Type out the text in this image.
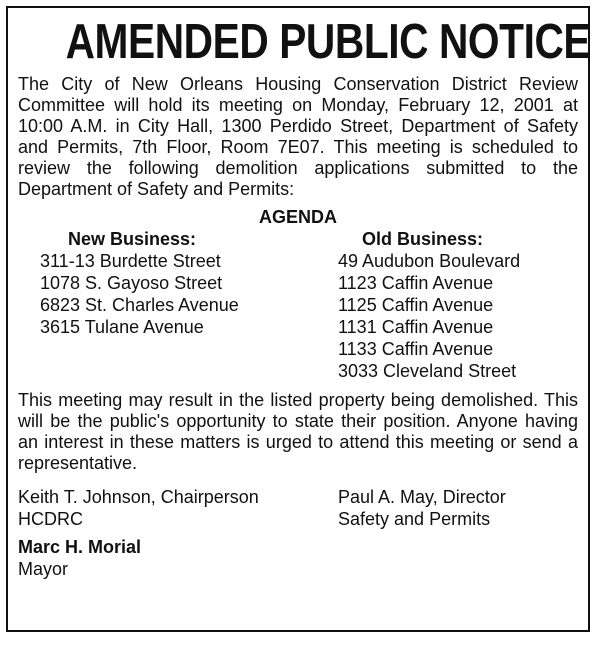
AMENDED PUBLIC NOTICE

The City of New Orleans Housing Conservation District Review Committee will hold its meeting on Monday, February 12, 2001 at 10:00 A.M. in City Hall, 1300 Perdido Street, Department of Safety and Permits, 7th Floor, Room 7E07. This meeting is scheduled to review the following demolition applications submitted to the Department of Safety and Permits:

AGENDA
New Business:
311-13 Burdette Street
1078 S. Gayoso Street
6823 St. Charles Avenue
3615 Tulane Avenue
Old Business:
49 Audubon Boulevard
1123 Caffin Avenue
1125 Caffin Avenue
1131 Caffin Avenue
1133 Caffin Avenue
3033 Cleveland Street

This meeting may result in the listed property being demolished. This will be the public's opportunity to state their position. Anyone having an interest in these matters is urged to attend this meeting or send a representative.

Keith T. Johnson, Chairperson
HCDRC
Paul A. May, Director
Safety and Permits
Marc H. Morial
Mayor
